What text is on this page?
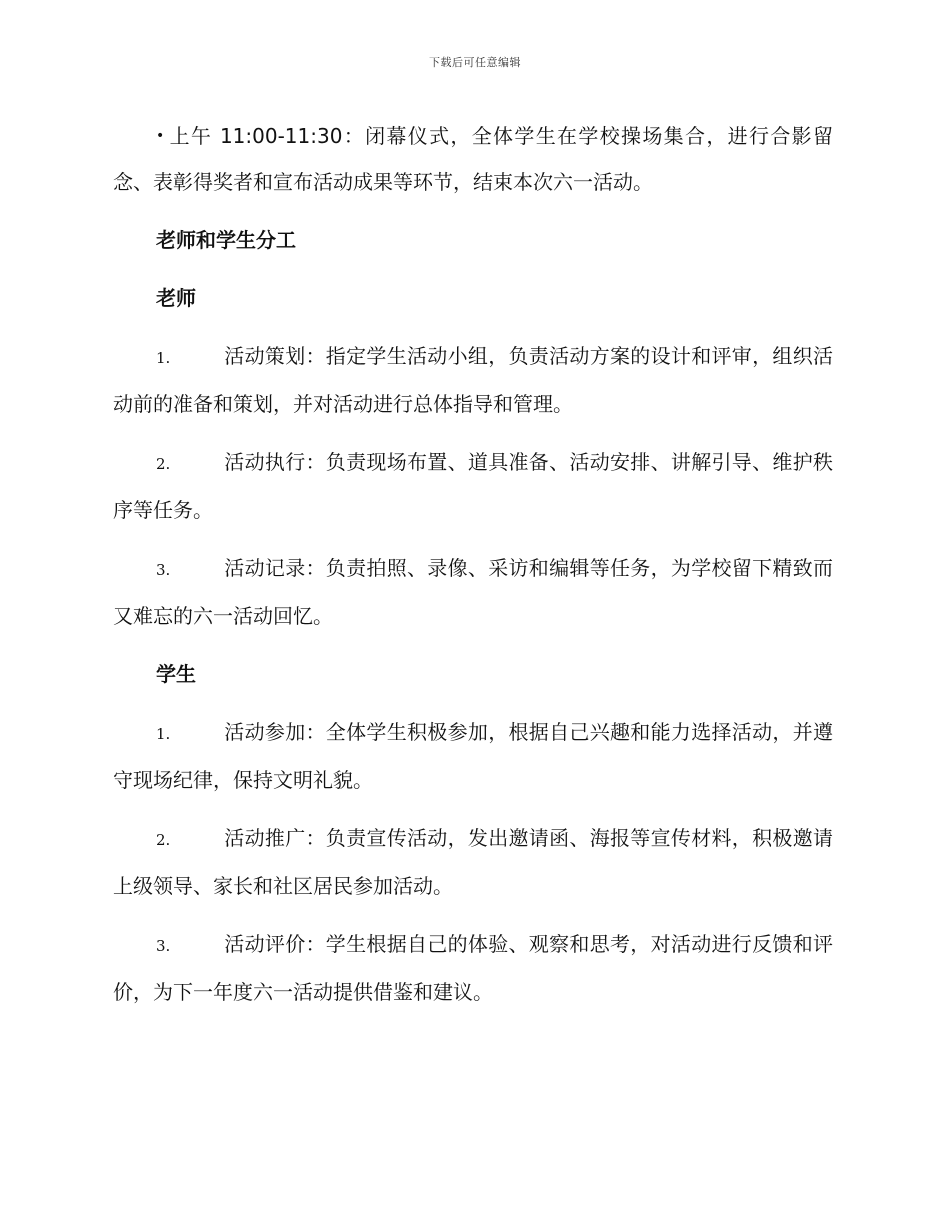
下载后可任意编辑

• 上午 11:00-11:30：闭幕仪式，全体学生在学校操场集合，进行合影留念、表彰得奖者和宣布活动成果等环节，结束本次六一活动。

老师和学生分工
老师

1.	活动策划：指定学生活动小组，负责活动方案的设计和评审，组织活动前的准备和策划，并对活动进行总体指导和管理。

2.	活动执行：负责现场布置、道具准备、活动安排、讲解引导、维护秩序等任务。

3.	活动记录：负责拍照、录像、采访和编辑等任务，为学校留下精致而又难忘的六一活动回忆。

学生

1.	活动参加：全体学生积极参加，根据自己兴趣和能力选择活动，并遵守现场纪律，保持文明礼貌。

2.	活动推广：负责宣传活动，发出邀请函、海报等宣传材料，积极邀请上级领导、家长和社区居民参加活动。

3.	活动评价：学生根据自己的体验、观察和思考，对活动进行反馈和评价，为下一年度六一活动提供借鉴和建议。
